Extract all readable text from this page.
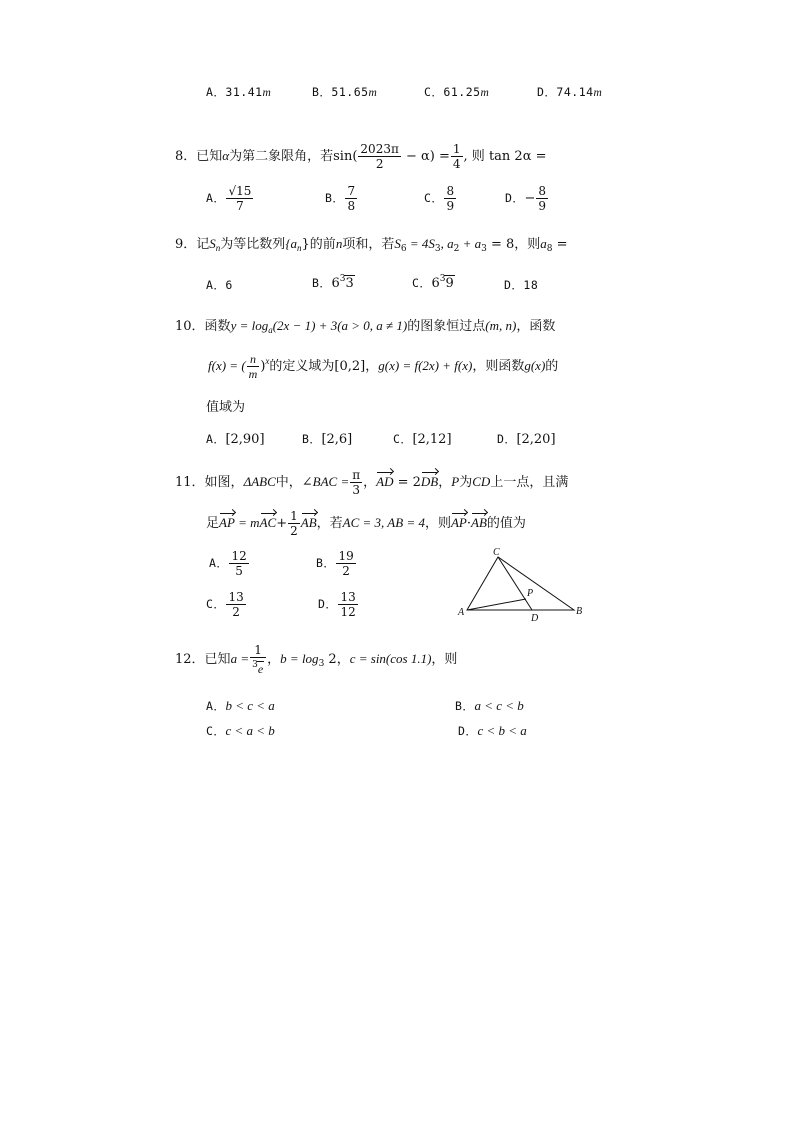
A．31.41m	B．51.65m	C．61.25m	D．74.14m
8．已知α为第二象限角，若$\sin( \frac{2023\pi}{2} - \alpha) = \frac{1}{4}$ , 则 tan 2α =
A． $\frac{√15}{7}$	B． $\frac{7}{8}$	C． $\frac{8}{9}$	D．− $\frac{8}{9}$
9．记$S_n$为等比数列$\{a_n\}$的前n项和，若$S_6 = 4S_3$, $a_2 + a_3 = 8$，则$a_8$ =
A．6	B．$6^33$	C．$6^39$	D．18
10．函数$y = \log_a(2x - 1) + 3(a > 0$, a ≠ 1)的图象恒过点(m, n)，函数
f(x) = ( $\frac{n}{m} )^x$的定义域为[0,2]，g(x) = f(2x) + f(x)，则函数g(x)的
值域为
A．[2,90]	B．[2,6]	C．[2,12]	D．[2,20]
11．如图，ΔABC中，∠BAC = $\frac{\pi}{3}$ ，AD = 2DB，P为CD上一点，且满
足AP = $mAC+ \frac{1}{2}$ AB，若AC = 3, AB = 4，则AP·AB的值为
A． $\frac{12}{5}$	B． $\frac{19}{2}$
C． $\frac{13}{2}$	D． $\frac{13}{12}$	A	B
C
D
P
12．已知$a = \frac{1}{^3e}$ ，$b = \log_3 2$，c = sin(cos 1.1)，则
A．b < c < a	B．a < c < b
C．c < a < b	D．c < b < a
